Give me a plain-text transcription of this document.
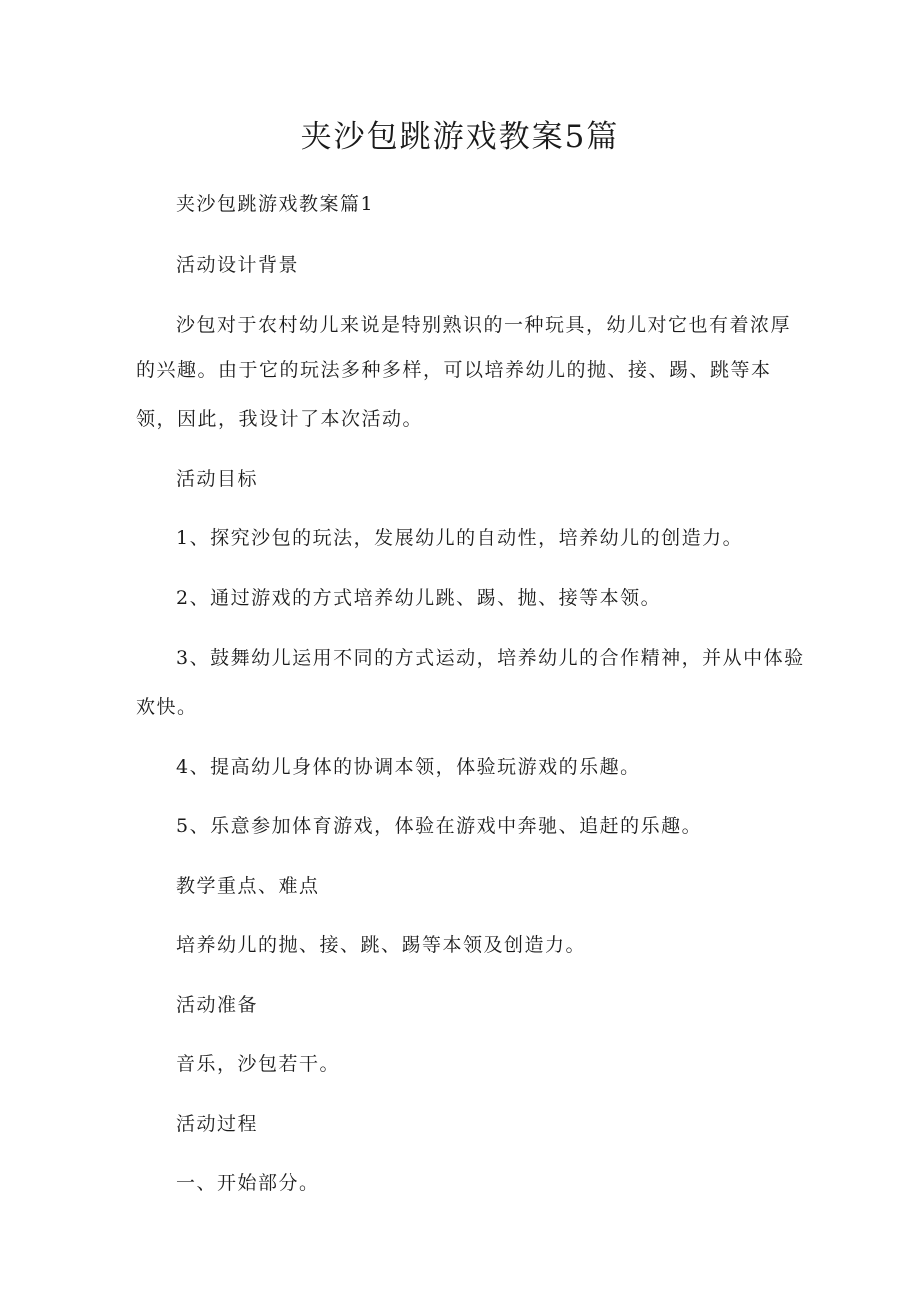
夹沙包跳游戏教案5篇
夹沙包跳游戏教案篇1
活动设计背景
沙包对于农村幼儿来说是特别熟识的一种玩具，幼儿对它也有着浓厚
的兴趣。由于它的玩法多种多样，可以培养幼儿的抛、接、踢、跳等本
领，因此，我设计了本次活动。
活动目标
1、探究沙包的玩法，发展幼儿的自动性，培养幼儿的创造力。
2、通过游戏的方式培养幼儿跳、踢、抛、接等本领。
3、鼓舞幼儿运用不同的方式运动，培养幼儿的合作精神，并从中体验
欢快。
4、提高幼儿身体的协调本领，体验玩游戏的乐趣。
5、乐意参加体育游戏，体验在游戏中奔驰、追赶的乐趣。
教学重点、难点
培养幼儿的抛、接、跳、踢等本领及创造力。
活动准备
音乐，沙包若干。
活动过程
一、开始部分。
